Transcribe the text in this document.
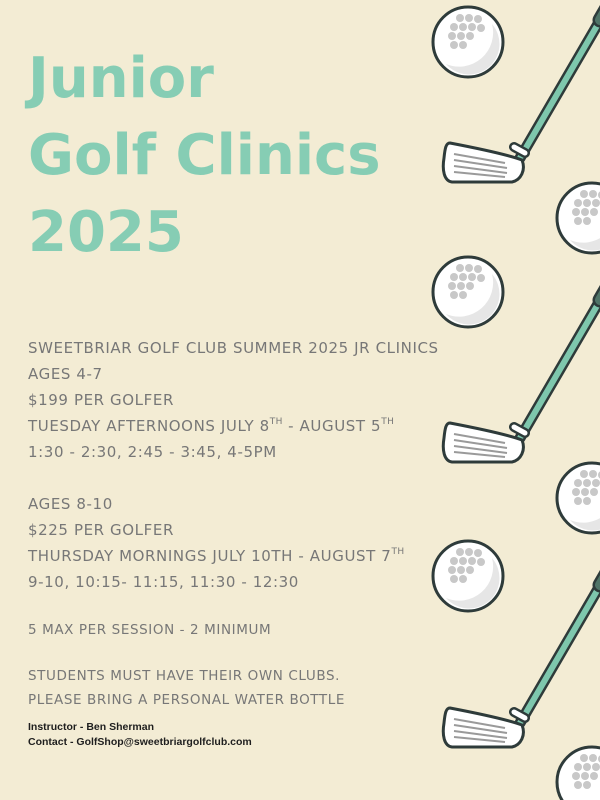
Junior
Golf Clinics
2025
SWEETBRIAR GOLF CLUB SUMMER 2025 JR CLINICS
AGES 4-7
$199 PER GOLFER
TUESDAY AFTERNOONS JULY 8TH - AUGUST 5TH
1:30 - 2:30, 2:45 - 3:45, 4-5PM
AGES 8-10
$225 PER GOLFER
THURSDAY MORNINGS JULY 10TH - AUGUST 7TH
9-10, 10:15- 11:15, 11:30 - 12:30
5 MAX PER SESSION - 2 MINIMUM
STUDENTS MUST HAVE THEIR OWN CLUBS.
PLEASE BRING A PERSONAL WATER BOTTLE
Instructor - Ben Sherman
Contact - GolfShop@sweetbriargolfclub.com
